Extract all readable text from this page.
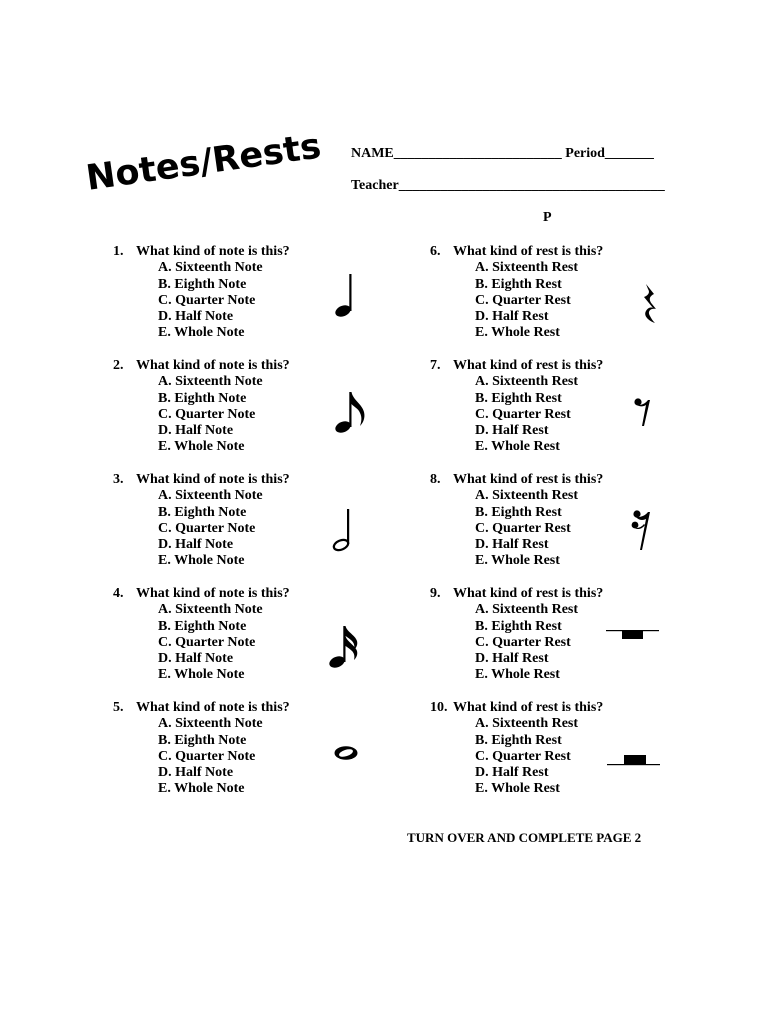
Notes/Rests NAME________________________ Period_______
Teacher______________________________________
P
1. What kind of note is this?
A. Sixteenth Note
B. Eighth Note
C. Quarter Note
D. Half Note
E. Whole Note
2. What kind of note is this?
A. Sixteenth Note
B. Eighth Note
C. Quarter Note
D. Half Note
E. Whole Note
3. What kind of note is this?
A. Sixteenth Note
B. Eighth Note
C. Quarter Note
D. Half Note
E. Whole Note
4. What kind of note is this?
A. Sixteenth Note
B. Eighth Note
C. Quarter Note
D. Half Note
E. Whole Note
5. What kind of note is this?
A. Sixteenth Note
B. Eighth Note
C. Quarter Note
D. Half Note
E. Whole Note
6. What kind of rest is this?
A. Sixteenth Rest
B. Eighth Rest
C. Quarter Rest
D. Half Rest
E. Whole Rest
7. What kind of rest is this?
A. Sixteenth Rest
B. Eighth Rest
C. Quarter Rest
D. Half Rest
E. Whole Rest
8. What kind of rest is this?
A. Sixteenth Rest
B. Eighth Rest
C. Quarter Rest
D. Half Rest
E. Whole Rest
9. What kind of rest is this?
A. Sixteenth Rest
B. Eighth Rest
C. Quarter Rest
D. Half Rest
E. Whole Rest
10. What kind of rest is this?
A. Sixteenth Rest
B. Eighth Rest
C. Quarter Rest
D. Half Rest
E. Whole Rest
TURN OVER AND COMPLETE PAGE 2
